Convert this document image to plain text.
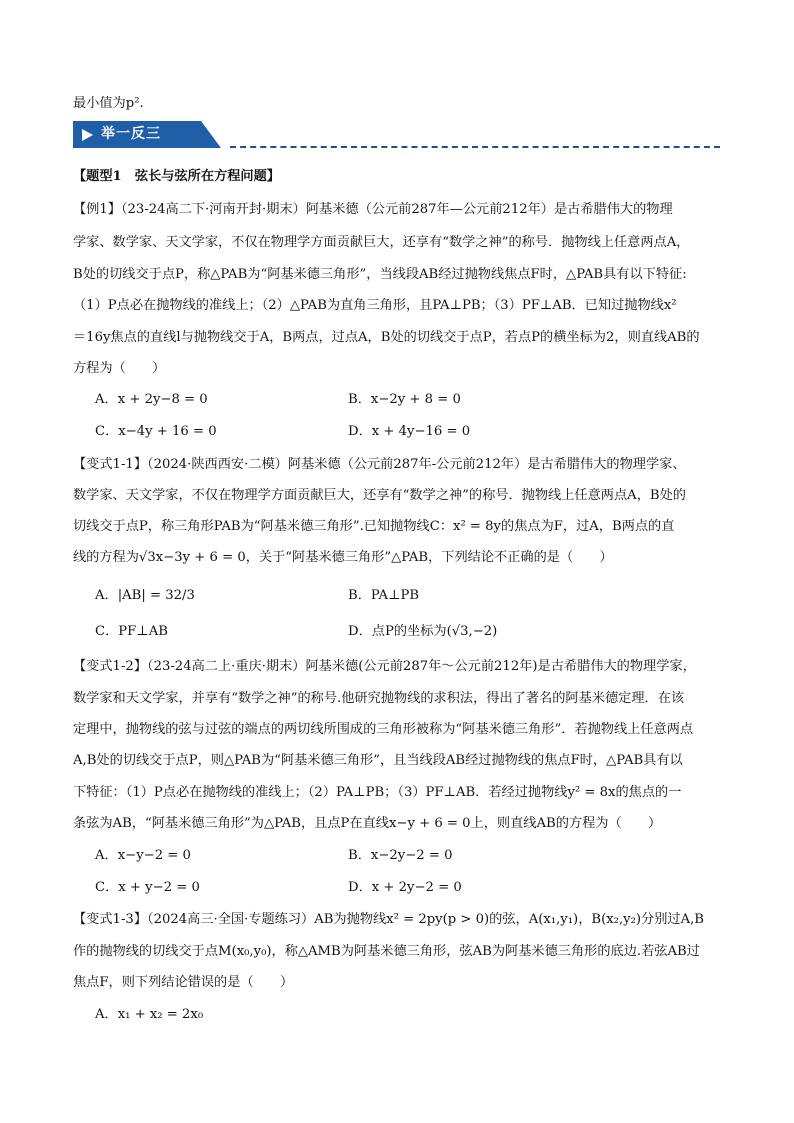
最小值为p².
举一反三
【题型1　弦长与弦所在方程问题】
【例1】（23-24高二下·河南开封·期末）阿基米德（公元前287年—公元前212年）是古希腊伟大的物理
学家、数学家、天文学家，不仅在物理学方面贡献巨大，还享有“数学之神”的称号．抛物线上任意两点A，
B处的切线交于点P，称△PAB为“阿基米德三角形”，当线段AB经过抛物线焦点F时，△PAB具有以下特征:
（1）P点必在抛物线的准线上；（2）△PAB为直角三角形，且PA⊥PB；（3）PF⊥AB．已知过抛物线x²
＝16y焦点的直线l与抛物线交于A，B两点，过点A，B处的切线交于点P，若点P的横坐标为2，则直线AB的
方程为（　　）
A．x + 2y−8 = 0	B．x−2y + 8 = 0
C．x−4y + 16 = 0	D．x + 4y−16 = 0
【变式1-1】（2024·陕西西安·二模）阿基米德（公元前287年-公元前212年）是古希腊伟大的物理学家、
数学家、天文学家，不仅在物理学方面贡献巨大，还享有“数学之神”的称号．抛物线上任意两点A，B处的
切线交于点P，称三角形PAB为“阿基米德三角形”.已知抛物线C：x² = 8y的焦点为F，过A，B两点的直
线的方程为√3x−3y + 6 = 0，关于“阿基米德三角形”△PAB，下列结论不正确的是（　　）
A．|AB| = 32/3	B．PA⊥PB
C．PF⊥AB	D．点P的坐标为(√3,−2)
【变式1-2】（23-24高二上·重庆·期末）阿基米德(公元前287年～公元前212年)是古希腊伟大的物理学家，
数学家和天文学家，并享有“数学之神”的称号.他研究抛物线的求积法，得出了著名的阿基米德定理．在该
定理中，抛物线的弦与过弦的端点的两切线所围成的三角形被称为“阿基米德三角形”．若抛物线上任意两点
A,B处的切线交于点P，则△PAB为“阿基米德三角形”，且当线段AB经过抛物线的焦点F时，△PAB具有以
下特征：（1）P点必在抛物线的准线上；（2）PA⊥PB；（3）PF⊥AB．若经过抛物线y² = 8x的焦点的一
条弦为AB，“阿基米德三角形”为△PAB，且点P在直线x−y + 6 = 0上，则直线AB的方程为（　　）
A．x−y−2 = 0	B．x−2y−2 = 0
C．x + y−2 = 0	D．x + 2y−2 = 0
【变式1-3】（2024高三·全国·专题练习）AB为抛物线x² = 2py(p > 0)的弦，A(x₁,y₁)，B(x₂,y₂)分别过A,B
作的抛物线的切线交于点M(x₀,y₀)，称△AMB为阿基米德三角形，弦AB为阿基米德三角形的底边.若弦AB过
焦点F，则下列结论错误的是（　　）
A．x₁ + x₂ = 2x₀
